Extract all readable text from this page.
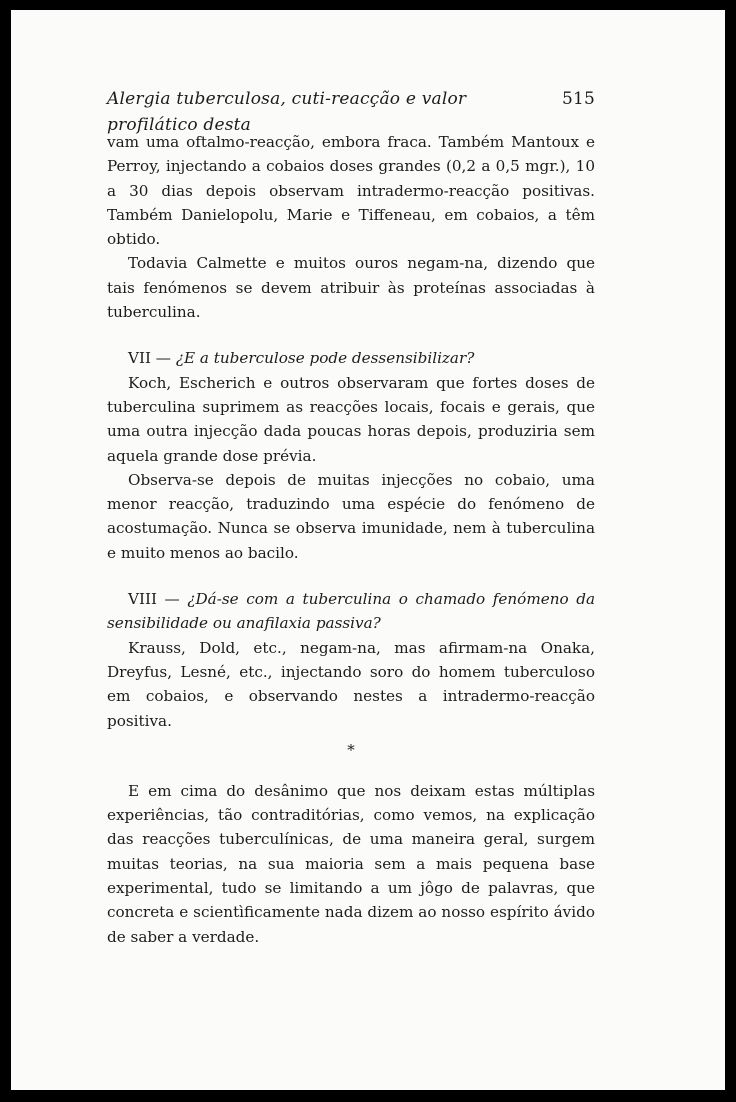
Alergia tuberculosa, cuti-reacção e valor profilático desta
515

vam uma oftalmo-reacção, embora fraca. Também Mantoux e Perroy, injectando a cobaios doses grandes (0,2 a 0,5 mgr.), 10 a 30 dias depois observam intradermo-reacção positivas. Também Danielopolu, Marie e Tiffeneau, em cobaios, a têm obtido.

Todavia Calmette e muitos ouros negam-na, dizendo que tais fenómenos se devem atribuir às proteínas associadas à tuberculina.

VII — ¿E a tuberculose pode dessensibilizar?

Koch, Escherich e outros observaram que fortes doses de tuberculina suprimem as reacções locais, focais e gerais, que uma outra injecção dada poucas horas depois, produziria sem aquela grande dose prévia.

Observa-se depois de muitas injecções no cobaio, uma menor reacção, traduzindo uma espécie do fenómeno de acostumação. Nunca se observa imunidade, nem à tuberculina e muito menos ao bacilo.

VIII — ¿Dá-se com a tuberculina o chamado fenómeno da sensibilidade ou anafilaxia passiva?

Krauss, Dold, etc., negam-na, mas afirmam-na Onaka, Dreyfus, Lesné, etc., injectando soro do homem tuberculoso em cobaios, e observando nestes a intradermo-reacção positiva.

*

E em cima do desânimo que nos deixam estas múltiplas experiências, tão contraditórias, como vemos, na explicação das reacções tuberculínicas, de uma maneira geral, surgem muitas teorias, na sua maioria sem a mais pequena base experimental, tudo se limitando a um jôgo de palavras, que concreta e scientìficamente nada dizem ao nosso espírito ávido de saber a verdade.
